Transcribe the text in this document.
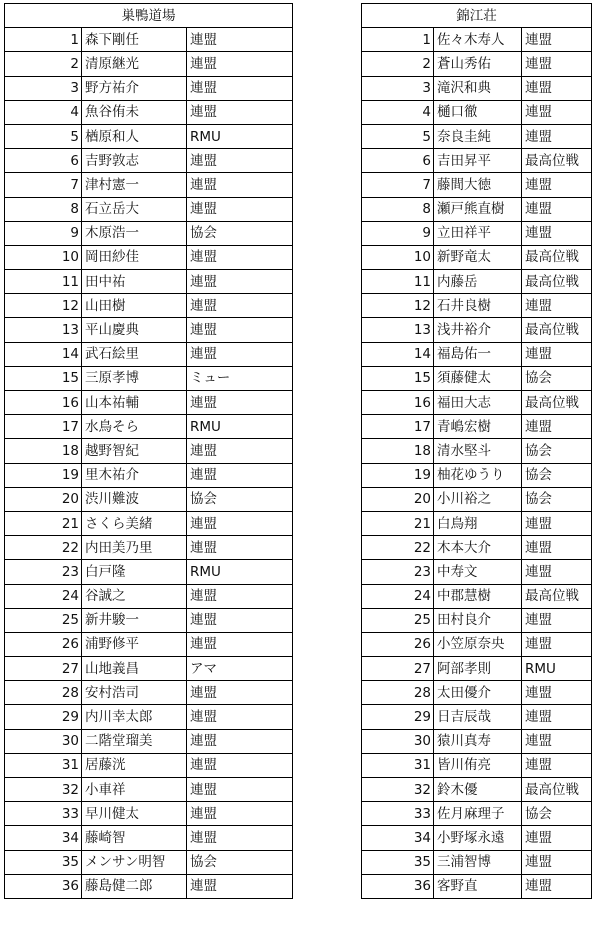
巣鴨道場		
1	森下剛任	連盟
2	清原継光	連盟
3	野方祐介	連盟
4	魚谷侑未	連盟
5	楢原和人	RMU
6	吉野敦志	連盟
7	津村憲一	連盟
8	石立岳大	連盟
9	木原浩一	協会
10	岡田紗佳	連盟
11	田中祐	連盟
12	山田樹	連盟
13	平山慶典	連盟
14	武石絵里	連盟
15	三原孝博	ミュー
16	山本祐輔	連盟
17	水鳥そら	RMU
18	越野智紀	連盟
19	里木祐介	連盟
20	渋川難波	協会
21	さくら美緒	連盟
22	内田美乃里	連盟
23	白戸隆	RMU
24	谷誠之	連盟
25	新井駿一	連盟
26	浦野修平	連盟
27	山地義昌	アマ
28	安村浩司	連盟
29	内川幸太郎	連盟
30	二階堂瑠美	連盟
31	居藤洸	連盟
32	小車祥	連盟
33	早川健太	連盟
34	藤崎智	連盟
35	メンサン明智	協会
36	藤島健二郎	連盟
錦江荘		
1	佐々木寿人	連盟
2	蒼山秀佑	連盟
3	滝沢和典	連盟
4	樋口徹	連盟
5	奈良圭純	連盟
6	吉田昇平	最高位戦
7	藤間大徳	連盟
8	瀬戸熊直樹	連盟
9	立田祥平	連盟
10	新野竜太	最高位戦
11	内藤岳	最高位戦
12	石井良樹	連盟
13	浅井裕介	最高位戦
14	福島佑一	連盟
15	須藤健太	協会
16	福田大志	最高位戦
17	青嶋宏樹	連盟
18	清水堅斗	協会
19	柚花ゆうり	協会
20	小川裕之	協会
21	白鳥翔	連盟
22	木本大介	連盟
23	中寿文	連盟
24	中郡慧樹	最高位戦
25	田村良介	連盟
26	小笠原奈央	連盟
27	阿部孝則	RMU
28	太田優介	連盟
29	日吉辰哉	連盟
30	猿川真寿	連盟
31	皆川侑亮	連盟
32	鈴木優	最高位戦
33	佐月麻理子	協会
34	小野塚永遠	連盟
35	三浦智博	連盟
36	客野直	連盟
